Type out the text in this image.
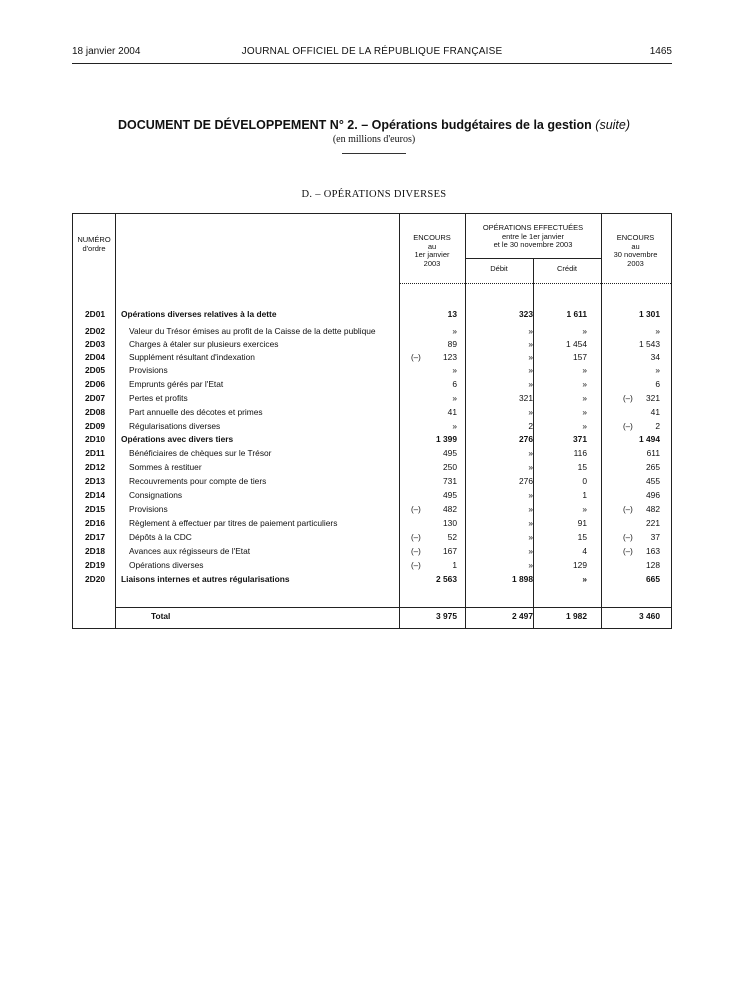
18 janvier 2004	JOURNAL OFFICIEL DE LA RÉPUBLIQUE FRANÇAISE	1465
DOCUMENT DE DÉVELOPPEMENT N° 2. – Opérations budgétaires de la gestion (suite)
(en millions d'euros)
D. – OPÉRATIONS DIVERSES
NUMÉRO
d'ordre
ENCOURS
au
1er janvier
2003
OPÉRATIONS EFFECTUÉES
entre le 1er janvier
et le 30 novembre 2003
Débit	Crédit
ENCOURS
au
30 novembre
2003
2D01	Opérations diverses relatives à la dette	13	323	1 611	1 301
2D02	Valeur du Trésor émises au profit de la Caisse de la dette publique	»	»	»	»
2D03	Charges à étaler sur plusieurs exercices	89	»	1 454	1 543
2D04	Supplément résultant d'indexation	(–)	123	»	157	34
2D05	Provisions	»	»	»	»
2D06	Emprunts gérés par l'Etat	6	»	»	6
2D07	Pertes et profits	»	321	»	(–)	321
2D08	Part annuelle des décotes et primes	41	»	»	41
2D09	Régularisations diverses	»	2	»	(–)	2
2D10	Opérations avec divers tiers	1 399	276	371	1 494
2D11	Bénéficiaires de chèques sur le Trésor	495	»	116	611
2D12	Sommes à restituer	250	»	15	265
2D13	Recouvrements pour compte de tiers	731	276	0	455
2D14	Consignations	495	»	1	496
2D15	Provisions	(–)	482	»	»	(–)	482
2D16	Règlement à effectuer par titres de paiement particuliers	130	»	91	221
2D17	Dépôts à la CDC	(–)	52	»	15	(–)	37
2D18	Avances aux régisseurs de l'Etat	(–)	167	»	4	(–)	163
2D19	Opérations diverses	(–)	1	»	129	128
2D20	Liaisons internes et autres régularisations	2 563	1 898	»	665
Total	3 975	2 497	1 982	3 460
